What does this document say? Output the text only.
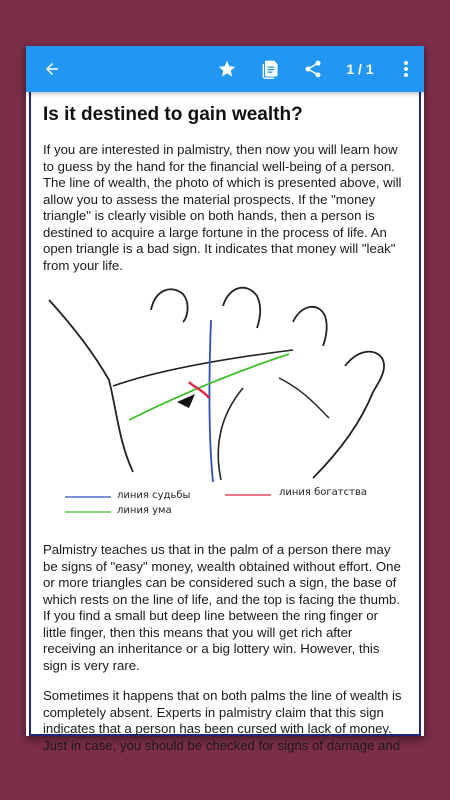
1 / 1
Is it destined to gain wealth?

If you are interested in palmistry, then now you will learn how to guess by the hand for the financial well-being of a person. The line of wealth, the photo of which is presented above, will allow you to assess the material prospects. If the "money triangle" is clearly visible on both hands, then a person is destined to acquire a large fortune in the process of life. An open triangle is a bad sign. It indicates that money will "leak" from your life.

линия судьбы	линия богатства
линия ума

Palmistry teaches us that in the palm of a person there may be signs of "easy" money, wealth obtained without effort. One or more triangles can be considered such a sign, the base of which rests on the line of life, and the top is facing the thumb. If you find a small but deep line between the ring finger or little finger, then this means that you will get rich after receiving an inheritance or a big lottery win. However, this sign is very rare.

Sometimes it happens that on both palms the line of wealth is completely absent. Experts in palmistry claim that this sign indicates that a person has been cursed with lack of money. Just in case, you should be checked for signs of damage and
